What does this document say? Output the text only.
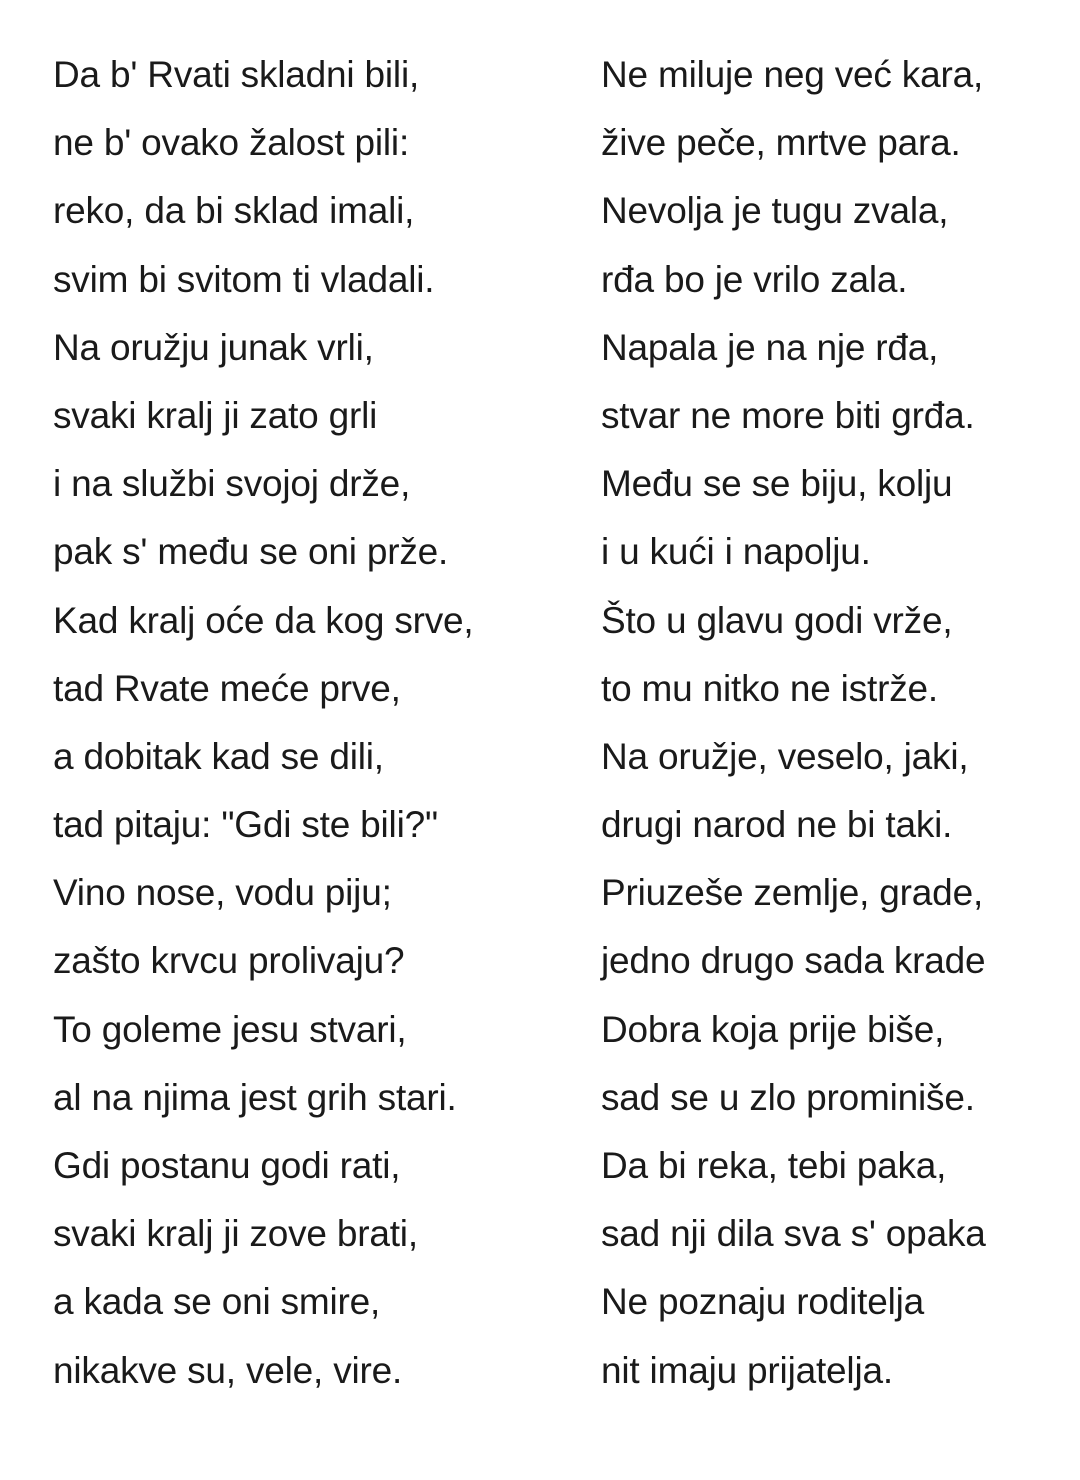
Da b' Rvati skladni bili,
ne b' ovako žalost pili:
reko, da bi sklad imali,
svim bi svitom ti vladali.
Na oružju junak vrli,
svaki kralj ji zato grli
i na službi svojoj drže,
pak s' među se oni prže.
Kad kralj oće da kog srve,
tad Rvate meće prve,
a dobitak kad se dili,
tad pitaju: "Gdi ste bili?"
Vino nose, vodu piju;
zašto krvcu prolivaju?
To goleme jesu stvari,
al na njima jest grih stari.
Gdi postanu godi rati,
svaki kralj ji zove brati,
a kada se oni smire,
nikakve su, vele, vire.
Ne miluje neg već kara,
žive peče, mrtve para.
Nevolja je tugu zvala,
rđa bo je vrilo zala.
Napala je na nje rđa,
stvar ne more biti grđa.
Među se se biju, kolju
i u kući i napolju.
Što u glavu godi vrže,
to mu nitko ne istrže.
Na oružje, veselo, jaki,
drugi narod ne bi taki.
Priuzeše zemlje, grade,
jedno drugo sada krade
Dobra koja prije biše,
sad se u zlo prominiše.
Da bi reka, tebi paka,
sad nji dila sva s' opaka
Ne poznaju roditelja
nit imaju prijatelja.
